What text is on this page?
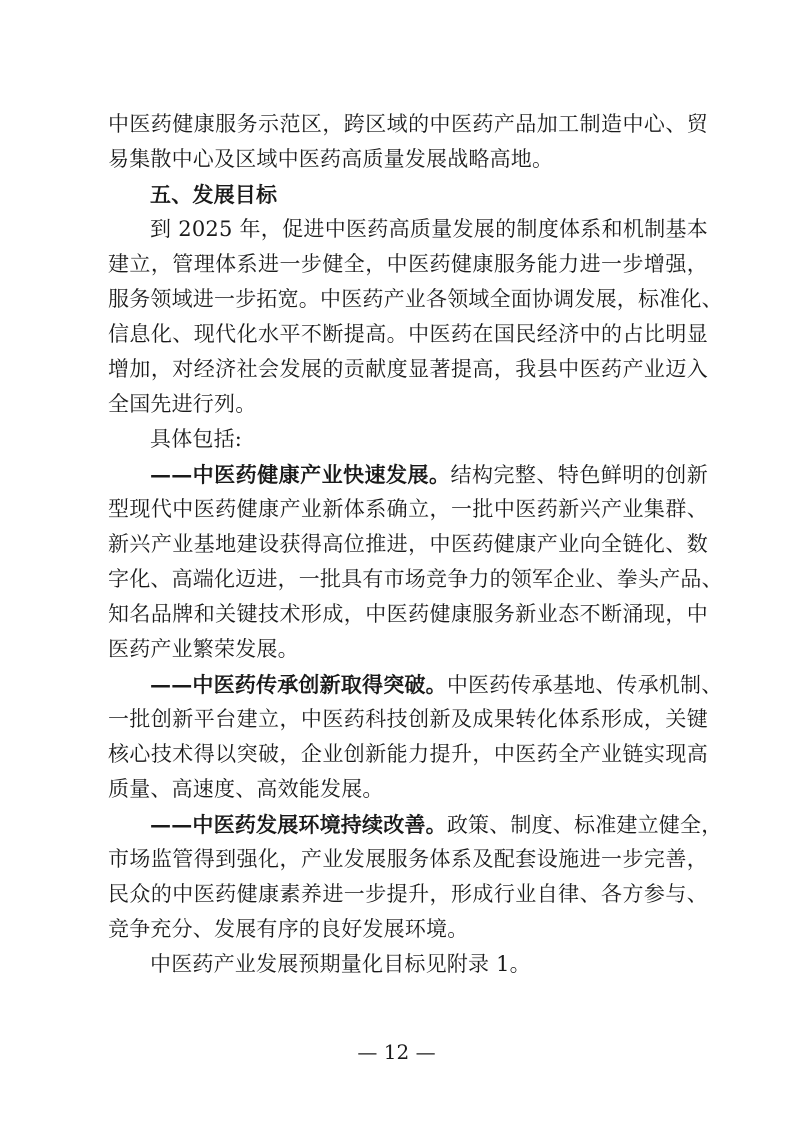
中医药健康服务示范区，跨区域的中医药产品加工制造中心、贸
易集散中心及区域中医药高质量发展战略高地。
五、发展目标
到 2025 年，促进中医药高质量发展的制度体系和机制基本
建立，管理体系进一步健全，中医药健康服务能力进一步增强，
服务领域进一步拓宽。中医药产业各领域全面协调发展，标准化、
信息化、现代化水平不断提高。中医药在国民经济中的占比明显
增加，对经济社会发展的贡献度显著提高，我县中医药产业迈入
全国先进行列。
具体包括:
——中医药健康产业快速发展。结构完整、特色鲜明的创新
型现代中医药健康产业新体系确立，一批中医药新兴产业集群、
新兴产业基地建设获得高位推进，中医药健康产业向全链化、数
字化、高端化迈进，一批具有市场竞争力的领军企业、拳头产品、
知名品牌和关键技术形成，中医药健康服务新业态不断涌现，中
医药产业繁荣发展。
——中医药传承创新取得突破。中医药传承基地、传承机制、
一批创新平台建立，中医药科技创新及成果转化体系形成，关键
核心技术得以突破，企业创新能力提升，中医药全产业链实现高
质量、高速度、高效能发展。
——中医药发展环境持续改善。政策、制度、标准建立健全，
市场监管得到强化，产业发展服务体系及配套设施进一步完善，
民众的中医药健康素养进一步提升，形成行业自律、各方参与、
竞争充分、发展有序的良好发展环境。
中医药产业发展预期量化目标见附录 1。
— 12 —
